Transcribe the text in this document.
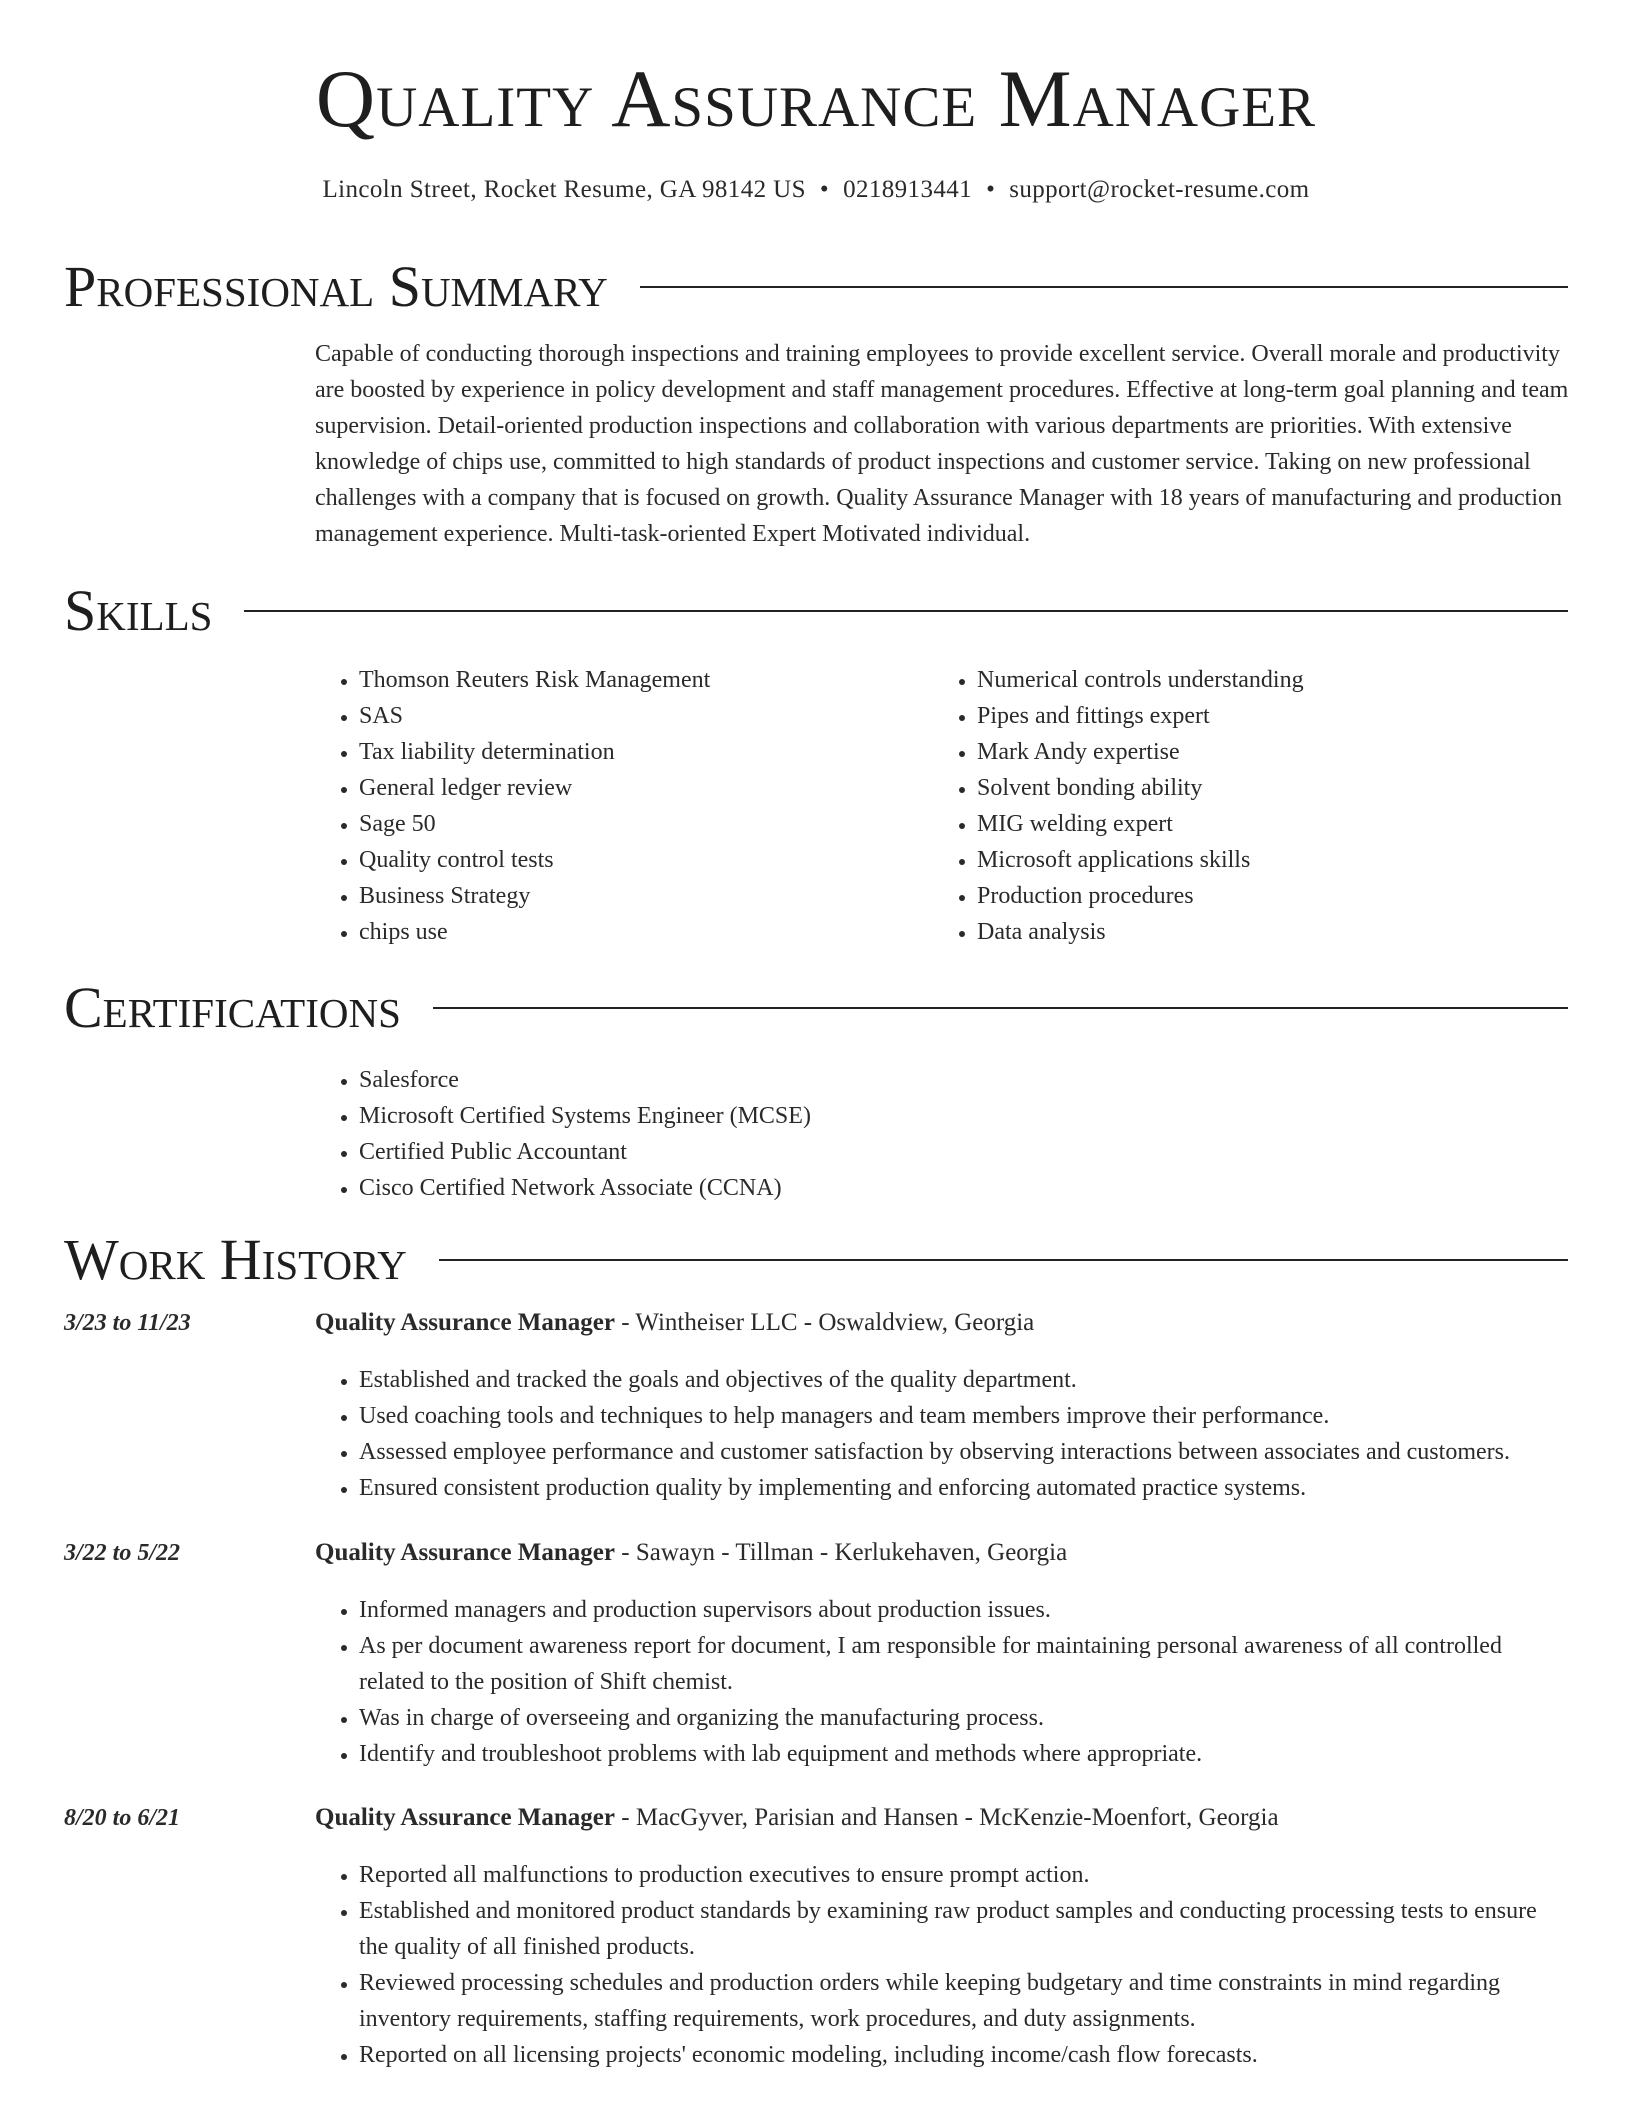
Quality Assurance Manager
Lincoln Street, Rocket Resume, GA 98142 US • 0218913441 • support@rocket-resume.com
Professional Summary
Capable of conducting thorough inspections and training employees to provide excellent service. Overall morale and productivity are boosted by experience in policy development and staff management procedures. Effective at long-term goal planning and team supervision. Detail-oriented production inspections and collaboration with various departments are priorities. With extensive knowledge of chips use, committed to high standards of product inspections and customer service. Taking on new professional challenges with a company that is focused on growth. Quality Assurance Manager with 18 years of manufacturing and production management experience. Multi-task-oriented Expert Motivated individual.
Skills
• Thomson Reuters Risk Management
• SAS
• Tax liability determination
• General ledger review
• Sage 50
• Quality control tests
• Business Strategy
• chips use
• Numerical controls understanding
• Pipes and fittings expert
• Mark Andy expertise
• Solvent bonding ability
• MIG welding expert
• Microsoft applications skills
• Production procedures
• Data analysis
Certifications
• Salesforce
• Microsoft Certified Systems Engineer (MCSE)
• Certified Public Accountant
• Cisco Certified Network Associate (CCNA)
Work History
3/23 to 11/23	Quality Assurance Manager - Wintheiser LLC - Oswaldview, Georgia
• Established and tracked the goals and objectives of the quality department.
• Used coaching tools and techniques to help managers and team members improve their performance.
• Assessed employee performance and customer satisfaction by observing interactions between associates and customers.
• Ensured consistent production quality by implementing and enforcing automated practice systems.
3/22 to 5/22	Quality Assurance Manager - Sawayn - Tillman - Kerlukehaven, Georgia
• Informed managers and production supervisors about production issues.
• As per document awareness report for document, I am responsible for maintaining personal awareness of all controlled related to the position of Shift chemist.
• Was in charge of overseeing and organizing the manufacturing process.
• Identify and troubleshoot problems with lab equipment and methods where appropriate.
8/20 to 6/21	Quality Assurance Manager - MacGyver, Parisian and Hansen - McKenzie-Moenfort, Georgia
• Reported all malfunctions to production executives to ensure prompt action.
• Established and monitored product standards by examining raw product samples and conducting processing tests to ensure the quality of all finished products.
• Reviewed processing schedules and production orders while keeping budgetary and time constraints in mind regarding inventory requirements, staffing requirements, work procedures, and duty assignments.
• Reported on all licensing projects' economic modeling, including income/cash flow forecasts.
